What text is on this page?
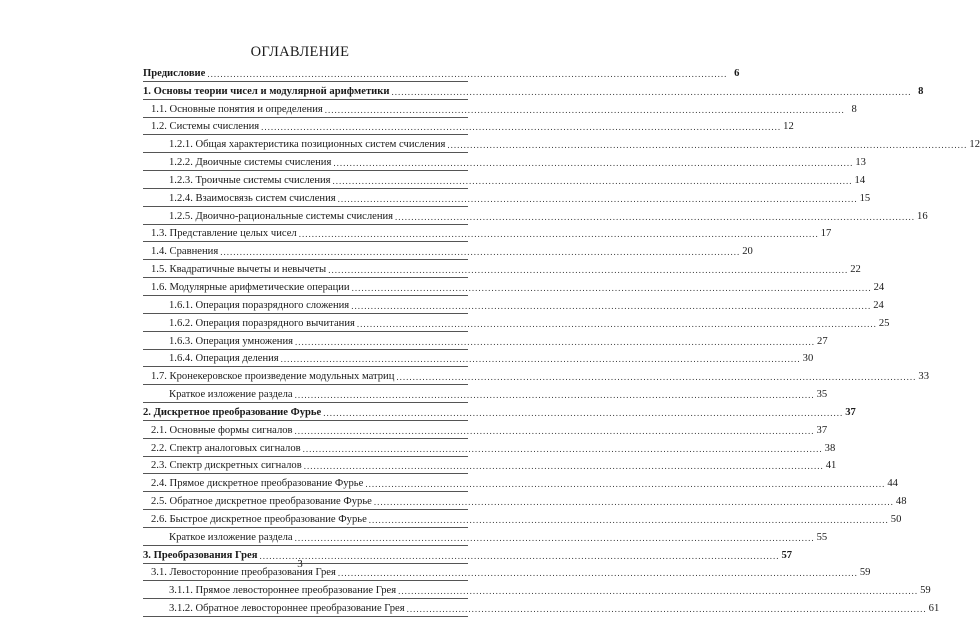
ОГЛАВЛЕНИЕ
Предисловие .....	6
1. Основы теории чисел и модулярной арифметики .....	8
1.1. Основные понятия и определения .....	8
1.2. Системы счисления .....	12
1.2.1. Общая характеристика позиционных систем счисления .....	12
1.2.2. Двоичные системы счисления .....	13
1.2.3. Троичные системы счисления .....	14
1.2.4. Взаимосвязь систем счисления .....	15
1.2.5. Двоично-рациональные системы счисления .....	16
1.3. Представление целых чисел .....	17
1.4. Сравнения .....	20
1.5. Квадратичные вычеты и невычеты .....	22
1.6. Модулярные арифметические операции .....	24
1.6.1. Операция поразрядного сложения .....	24
1.6.2. Операция поразрядного вычитания .....	25
1.6.3. Операция умножения .....	27
1.6.4. Операция деления .....	30
1.7. Кронекеровское произведение модульных матриц .....	33
Краткое изложение раздела .....	35
2. Дискретное преобразование Фурье .....	37
2.1. Основные формы сигналов .....	37
2.2. Спектр аналоговых сигналов .....	38
2.3. Спектр дискретных сигналов .....	41
2.4. Прямое дискретное преобразование Фурье .....	44
2.5. Обратное дискретное преобразование Фурье .....	48
2.6. Быстрое дискретное преобразование Фурье .....	50
Краткое изложение раздела .....	55
3. Преобразования Грея .....	57
3.1. Левосторонние преобразования Грея .....	59
3.1.1. Прямое левостороннее преобразование Грея .....	59
3.1.2. Обратное левостороннее преобразование Грея .....	61
3
